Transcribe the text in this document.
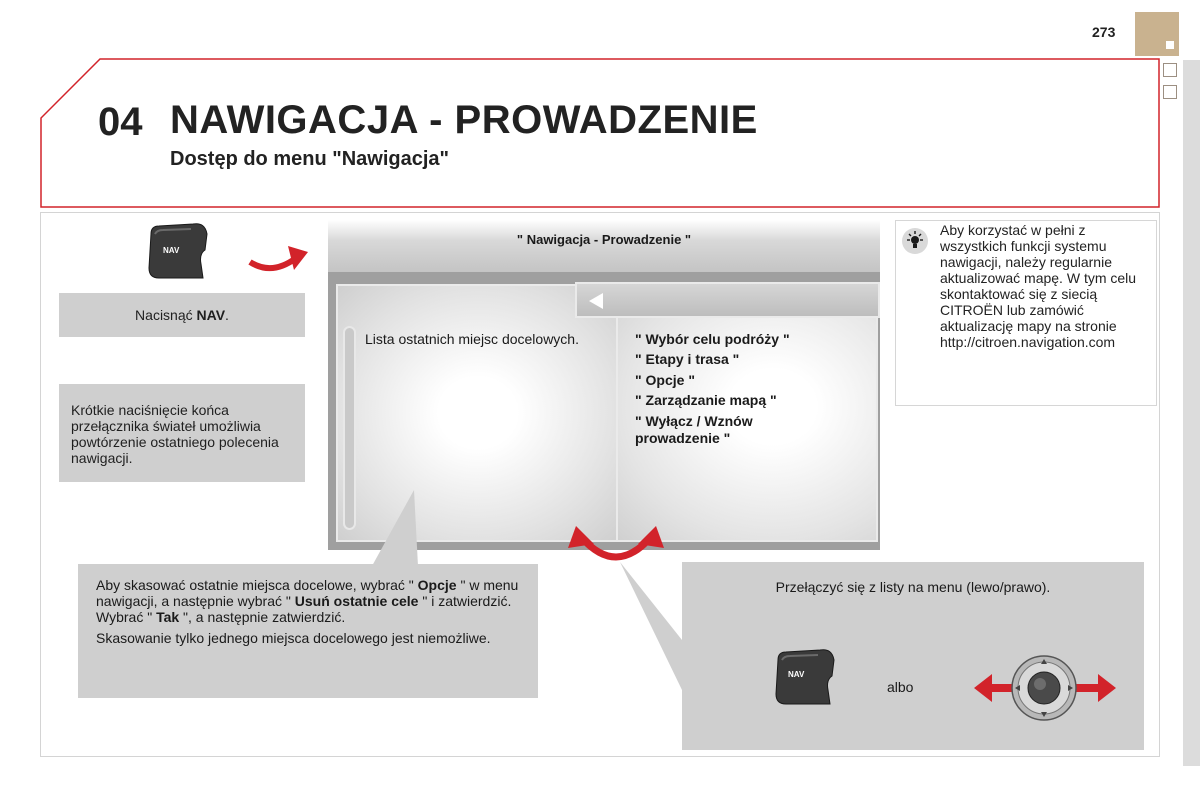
273
04 NAWIGACJA - PROWADZENIE
Dostęp do menu "Nawigacja"
NAV
Nacisnąć NAV.
Krótkie naciśnięcie końca przełącznika świateł umożliwia powtórzenie ostatniego polecenia nawigacji.
" Nawigacja - Prowadzenie "
Lista ostatnich miejsc docelowych.	" Wybór celu podróży "
" Etapy i trasa "
" Opcje "
" Zarządzanie mapą "
" Wyłącz / Wznów prowadzenie "
Aby korzystać w pełni z wszystkich funkcji systemu nawigacji, należy regularnie aktualizować mapę. W tym celu skontaktować się z siecią CITROËN lub zamówić aktualizację mapy na stronie http://citroen.navigation.com
Aby skasować ostatnie miejsca docelowe, wybrać " Opcje " w menu nawigacji, a następnie wybrać " Usuń ostatnie cele " i zatwierdzić. Wybrać " Tak ", a następnie zatwierdzić.
Skasowanie tylko jednego miejsca docelowego jest niemożliwe.
Przełączyć się z listy na menu (lewo/prawo).
NAV
albo
